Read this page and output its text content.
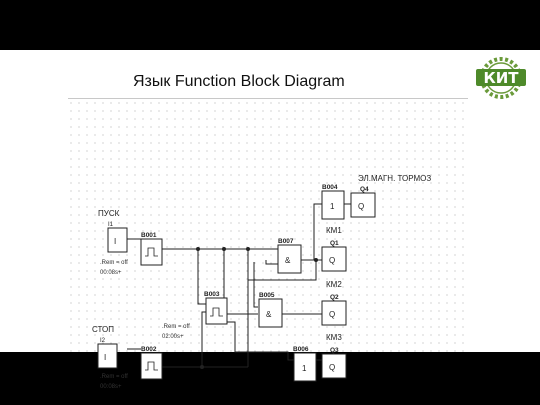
Язык Function Block Diagram	КИТ
ПУСК
I1
I
СТОП
I2
I
B001
.Rem = off
00:08s+
B002
.Rem = off
00:08s+
B003
.Rem = off
02:00s+
B007
&
B005
&
B004
1
B006
1
ЭЛ.МАГН. ТОРМОЗ
Q4
Q
КМ1
Q1
Q
КМ2
Q2
Q
КМ3
Q3
Q
